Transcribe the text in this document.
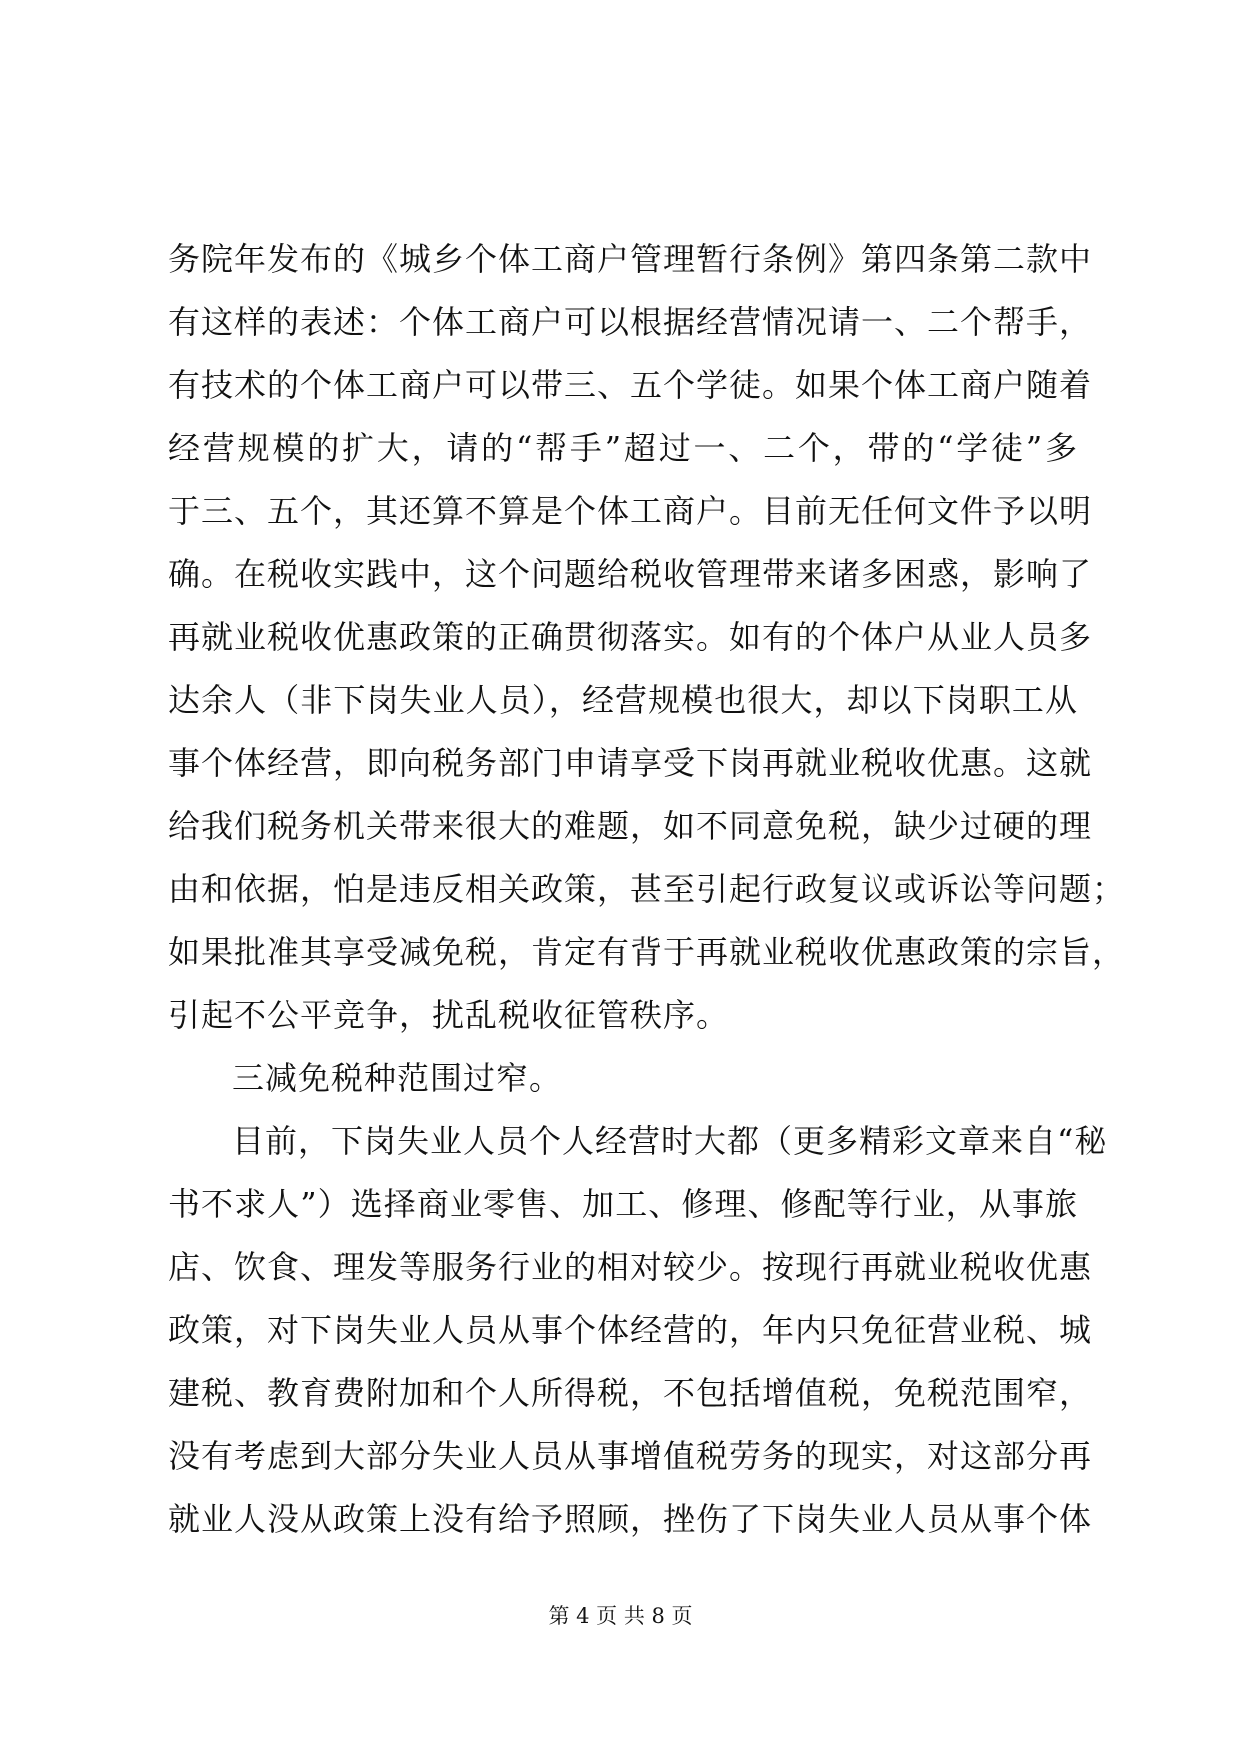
务院年发布的《城乡个体工商户管理暂行条例》第四条第二款中
有这样的表述：个体工商户可以根据经营情况请一、二个帮手，
有技术的个体工商户可以带三、五个学徒。如果个体工商户随着
经营规模的扩大，请的“帮手”超过一、二个，带的“学徒”多
于三、五个，其还算不算是个体工商户。目前无任何文件予以明
确。在税收实践中，这个问题给税收管理带来诸多困惑，影响了
再就业税收优惠政策的正确贯彻落实。如有的个体户从业人员多
达余人（非下岗失业人员），经营规模也很大，却以下岗职工从
事个体经营，即向税务部门申请享受下岗再就业税收优惠。这就
给我们税务机关带来很大的难题，如不同意免税，缺少过硬的理
由和依据，怕是违反相关政策，甚至引起行政复议或诉讼等问题；
如果批准其享受减免税，肯定有背于再就业税收优惠政策的宗旨，
引起不公平竞争，扰乱税收征管秩序。
三减免税种范围过窄。
目前，下岗失业人员个人经营时大都（更多精彩文章来自“秘
书不求人”）选择商业零售、加工、修理、修配等行业，从事旅
店、饮食、理发等服务行业的相对较少。按现行再就业税收优惠
政策，对下岗失业人员从事个体经营的，年内只免征营业税、城
建税、教育费附加和个人所得税，不包括增值税，免税范围窄，
没有考虑到大部分失业人员从事增值税劳务的现实，对这部分再
就业人没从政策上没有给予照顾，挫伤了下岗失业人员从事个体
第 4 页 共 8 页
